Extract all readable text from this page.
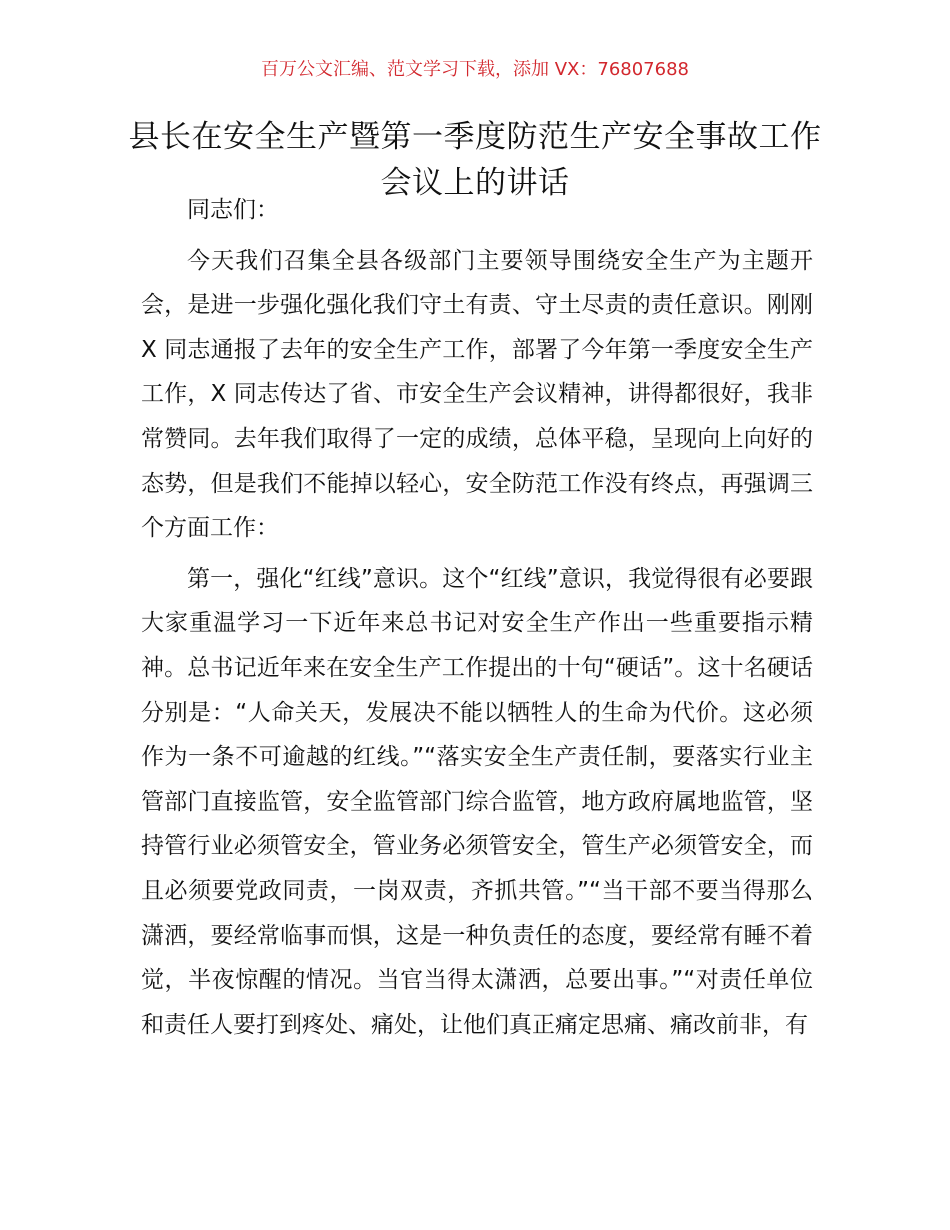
百万公文汇编、范文学习下载，添加 VX：76807688
县长在安全生产暨第一季度防范生产安全事故工作会议上的讲话

同志们：

今天我们召集全县各级部门主要领导围绕安全生产为主题开会，是进一步强化强化我们守土有责、守土尽责的责任意识。刚刚 X 同志通报了去年的安全生产工作，部署了今年第一季度安全生产工作，X 同志传达了省、市安全生产会议精神，讲得都很好，我非常赞同。去年我们取得了一定的成绩，总体平稳，呈现向上向好的态势，但是我们不能掉以轻心，安全防范工作没有终点，再强调三个方面工作：

第一，强化“红线”意识。这个“红线”意识，我觉得很有必要跟大家重温学习一下近年来总书记对安全生产作出一些重要指示精神。总书记近年来在安全生产工作提出的十句“硬话”。这十名硬话分别是：“人命关天，发展决不能以牺牲人的生命为代价。这必须作为一条不可逾越的红线。”“落实安全生产责任制，要落实行业主管部门直接监管，安全监管部门综合监管，地方政府属地监管，坚持管行业必须管安全，管业务必须管安全，管生产必须管安全，而且必须要党政同责，一岗双责，齐抓共管。”“当干部不要当得那么潇洒，要经常临事而惧，这是一种负责任的态度，要经常有睡不着觉，半夜惊醒的情况。当官当得太潇洒，总要出事。”“对责任单位和责任人要打到疼处、痛处，让他们真正痛定思痛、痛改前非，有
